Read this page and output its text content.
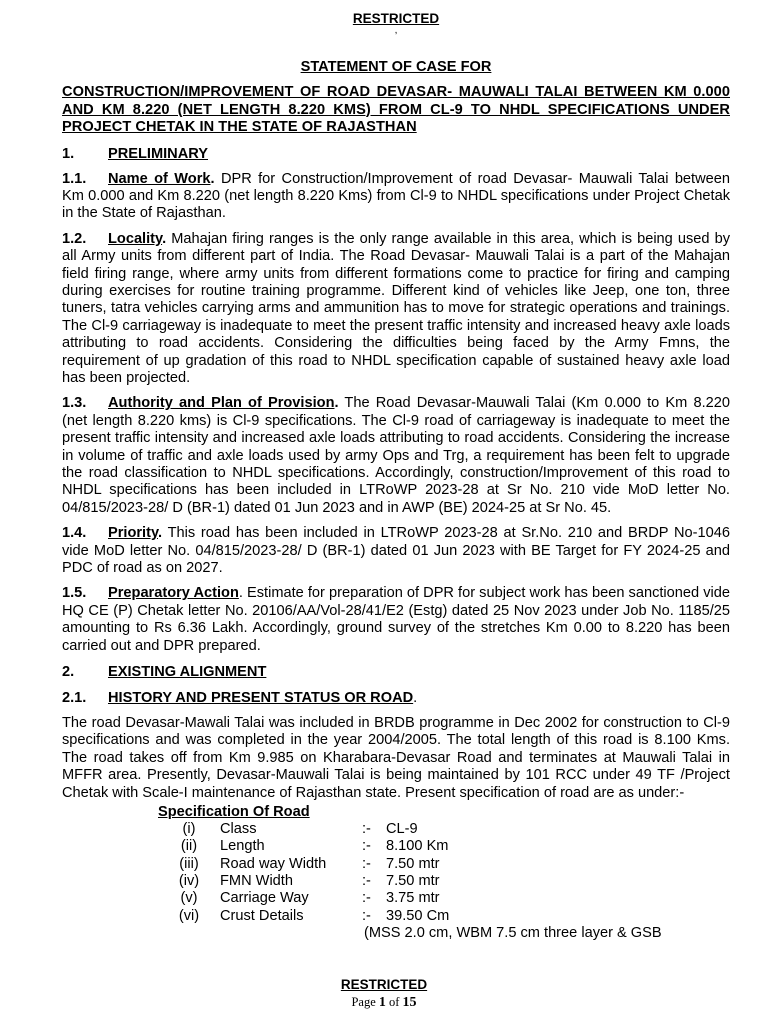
RESTRICTED
,
STATEMENT OF CASE FOR
CONSTRUCTION/IMPROVEMENT OF ROAD DEVASAR- MAUWALI TALAI BETWEEN KM 0.000 AND KM 8.220 (NET LENGTH 8.220 KMS) FROM CL-9 TO NHDL SPECIFICATIONS UNDER PROJECT CHETAK IN THE STATE OF RAJASTHAN
1. PRELIMINARY

1.1. Name of Work. DPR for Construction/Improvement of road Devasar- Mauwali Talai between Km 0.000 and Km 8.220 (net length 8.220 Kms) from Cl-9 to NHDL specifications under Project Chetak in the State of Rajasthan.

1.2. Locality. Mahajan firing ranges is the only range available in this area, which is being used by all Army units from different part of India. The Road Devasar- Mauwali Talai is a part of the Mahajan field firing range, where army units from different formations come to practice for firing and camping during exercises for routine training programme. Different kind of vehicles like Jeep, one ton, three tuners, tatra vehicles carrying arms and ammunition has to move for strategic operations and trainings. The Cl-9 carriageway is inadequate to meet the present traffic intensity and increased heavy axle loads attributing to road accidents. Considering the difficulties being faced by the Army Fmns, the requirement of up gradation of this road to NHDL specification capable of sustained heavy axle load has been projected.

1.3. Authority and Plan of Provision. The Road Devasar-Mauwali Talai (Km 0.000 to Km 8.220 (net length 8.220 kms) is Cl-9 specifications. The Cl-9 road of carriageway is inadequate to meet the present traffic intensity and increased axle loads attributing to road accidents. Considering the increase in volume of traffic and axle loads used by army Ops and Trg, a requirement has been felt to upgrade the road classification to NHDL specifications. Accordingly, construction/Improvement of this road to NHDL specifications has been included in LTRoWP 2023-28 at Sr No. 210 vide MoD letter No. 04/815/2023-28/ D (BR-1) dated 01 Jun 2023 and in AWP (BE) 2024-25 at Sr No. 45.

1.4. Priority. This road has been included in LTRoWP 2023-28 at Sr.No. 210 and BRDP No-1046 vide MoD letter No. 04/815/2023-28/ D (BR-1) dated 01 Jun 2023 with BE Target for FY 2024-25 and PDC of road as on 2027.

1.5. Preparatory Action. Estimate for preparation of DPR for subject work has been sanctioned vide HQ CE (P) Chetak letter No. 20106/AA/Vol-28/41/E2 (Estg) dated 25 Nov 2023 under Job No. 1185/25 amounting to Rs 6.36 Lakh. Accordingly, ground survey of the stretches Km 0.00 to 8.220 has been carried out and DPR prepared.

2. EXISTING ALIGNMENT
2.1. HISTORY AND PRESENT STATUS OR ROAD.

The road Devasar-Mawali Talai was included in BRDB programme in Dec 2002 for construction to Cl-9 specifications and was completed in the year 2004/2005. The total length of this road is 8.100 Kms. The road takes off from Km 9.985 on Kharabara-Devasar Road and terminates at Mauwali Talai in MFFR area. Presently, Devasar-Mauwali Talai is being maintained by 101 RCC under 49 TF /Project Chetak with Scale-I maintenance of Rajasthan state. Present specification of road are as under:-

Specification Of Road
(i)	Class	:-	CL-9
(ii)	Length	:-	8.100 Km
(iii)	Road way Width	:-	7.50 mtr
(iv)	FMN Width	:-	7.50 mtr
(v)	Carriage Way	:-	3.75 mtr
(vi)	Crust Details	:-	39.50 Cm
(MSS 2.0 cm, WBM 7.5 cm three layer & GSB
RESTRICTED
Page 1 of 15
